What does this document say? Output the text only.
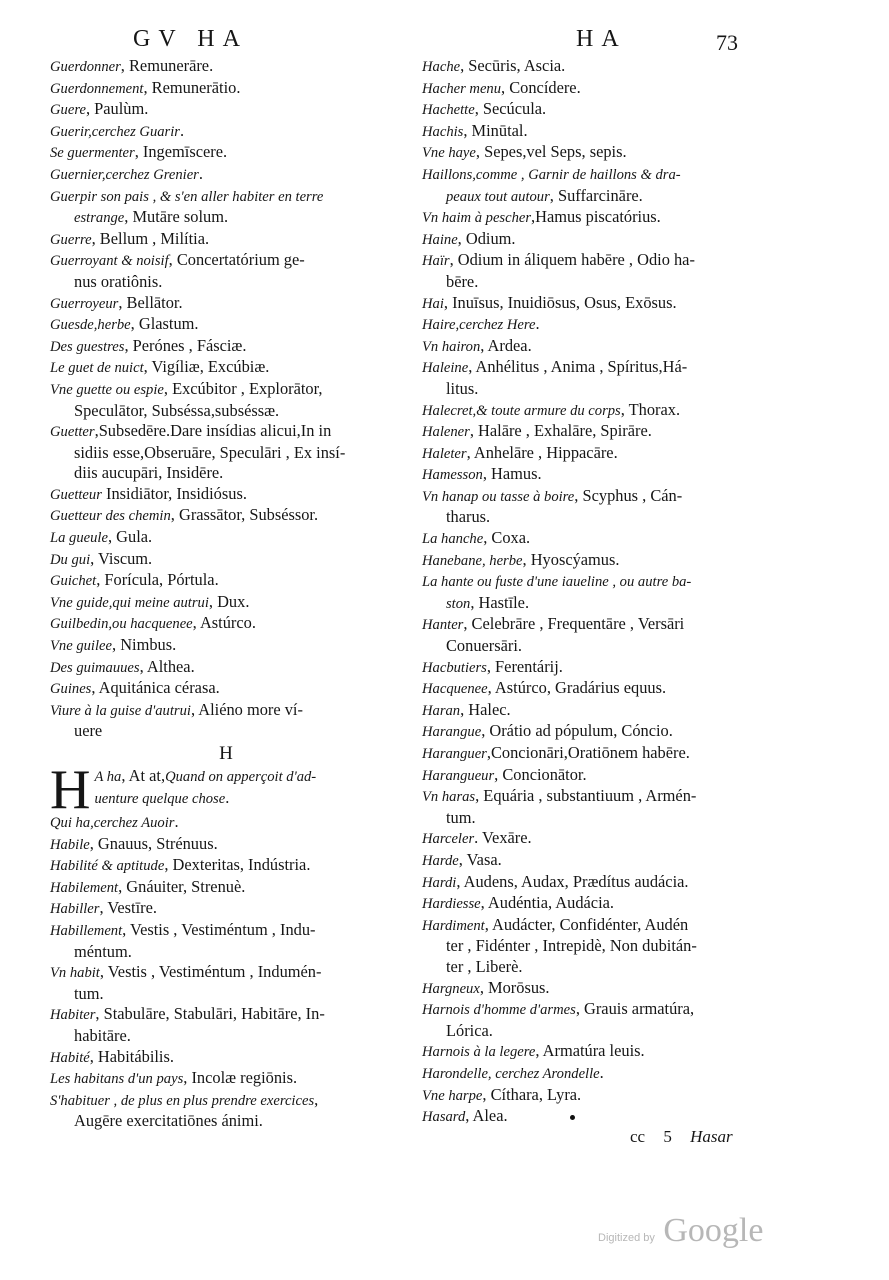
GV HA	HA	73

Guerdonner, Remunerāre.

Guerdonnement, Remunerātio.

Guere, Paulùm.

Guerir,cerchez Guarir.

Se guermenter, Ingemīscere.

Guernier,cerchez Grenier.

Guerpir son pais , & s'en aller habiter en terre

estrange, Mutāre solum.

Guerre, Bellum , Milítia.

Guerroyant & noisif, Concertatórium ge-

nus oratiônis.

Guerroyeur, Bellātor.

Guesde,herbe, Glastum.

Des guestres, Perónes , Fásciæ.

Le guet de nuict, Vigíliæ, Excúbiæ.

Vne guette ou espie, Excúbitor , Explorātor,

Speculātor, Subséssa,subséssæ.

Guetter,Subsedēre.Dare insídias alicui,In in

sidiis esse,Obseruāre, Speculāri , Ex insí-

diis aucupāri, Insidēre.

Guetteur Insidiātor, Insidiósus.

Guetteur des chemin, Grassātor, Subséssor.

La gueule, Gula.

Du gui, Viscum.

Guichet, Forícula, Pórtula.

Vne guide,qui meine autrui, Dux.

Guilbedin,ou hacquenee, Astúrco.

Vne guilee, Nimbus.

Des guimauues, Althea.

Guines, Aquitánica cérasa.

Viure à la guise d'autrui, Aliéno more ví-

uere

H
H A ha, At at,Quand on apperçoit d'ad-

uenture quelque chose.

Qui ha,cerchez Auoir.

Habile, Gnauus, Strénuus.

Habilité & aptitude, Dexteritas, Indústria.

Habilement, Gnáuiter, Strenuè.

Habiller, Vestīre.

Habillement, Vestis , Vestiméntum , Indu-

méntum.

Vn habit, Vestis , Vestiméntum , Indumén-

tum.

Habiter, Stabulāre, Stabulāri, Habitāre, In-

habitāre.

Habité, Habitábilis.

Les habitans d'un pays, Incolæ regiōnis.

S'habituer , de plus en plus prendre exercices,

Augēre exercitatiōnes ánimi.

Hache, Secūris, Ascia.

Hacher menu, Concídere.

Hachette, Secúcula.

Hachis, Minūtal.

Vne haye, Sepes,vel Seps, sepis.

Haillons,comme , Garnir de haillons & dra-

peaux tout autour, Suffarcināre.

Vn haim à pescher,Hamus piscatórius.

Haine, Odium.

Haïr, Odium in áliquem habēre , Odio ha-

bēre.

Hai, Inuīsus, Inuidiōsus, Osus, Exōsus.

Haire,cerchez Here.

Vn hairon, Ardea.

Haleine, Anhélitus , Anima , Spíritus,Há-

litus.

Halecret,& toute armure du corps, Thorax.

Halener, Halāre , Exhalāre, Spirāre.

Haleter, Anhelāre , Hippacāre.

Hamesson, Hamus.

Vn hanap ou tasse à boire, Scyphus , Cán-

tharus.

La hanche, Coxa.

Hanebane, herbe, Hyoscýamus.

La hante ou fuste d'une iaueline , ou autre ba-

ston, Hastīle.

Hanter, Celebrāre , Frequentāre , Versāri

Conuersāri.

Hacbutiers, Ferentárij.

Hacquenee, Astúrco, Gradárius equus.

Haran, Halec.

Harangue, Orátio ad pópulum, Cóncio.

Haranguer,Concionāri,Oratiōnem habēre.

Harangueur, Concionātor.

Vn haras, Equária , substantiuum , Armén-

tum.

Harceler. Vexāre.

Harde, Vasa.

Hardi, Audens, Audax, Prædítus audácia.

Hardiesse, Audéntia, Audácia.

Hardiment, Audácter, Confidénter, Audén

ter , Fidénter , Intrepidè, Non dubitán-

ter , Liberè.

Hargneux, Morōsus.

Harnois d'homme d'armes, Grauis armatúra,

Lórica.

Harnois à la legere, Armatúra leuis.

Harondelle, cerchez Arondelle.

Vne harpe, Cíthara, Lyra.

Hasard, Alea.

cc 5 Hasar
Digitized by Google
